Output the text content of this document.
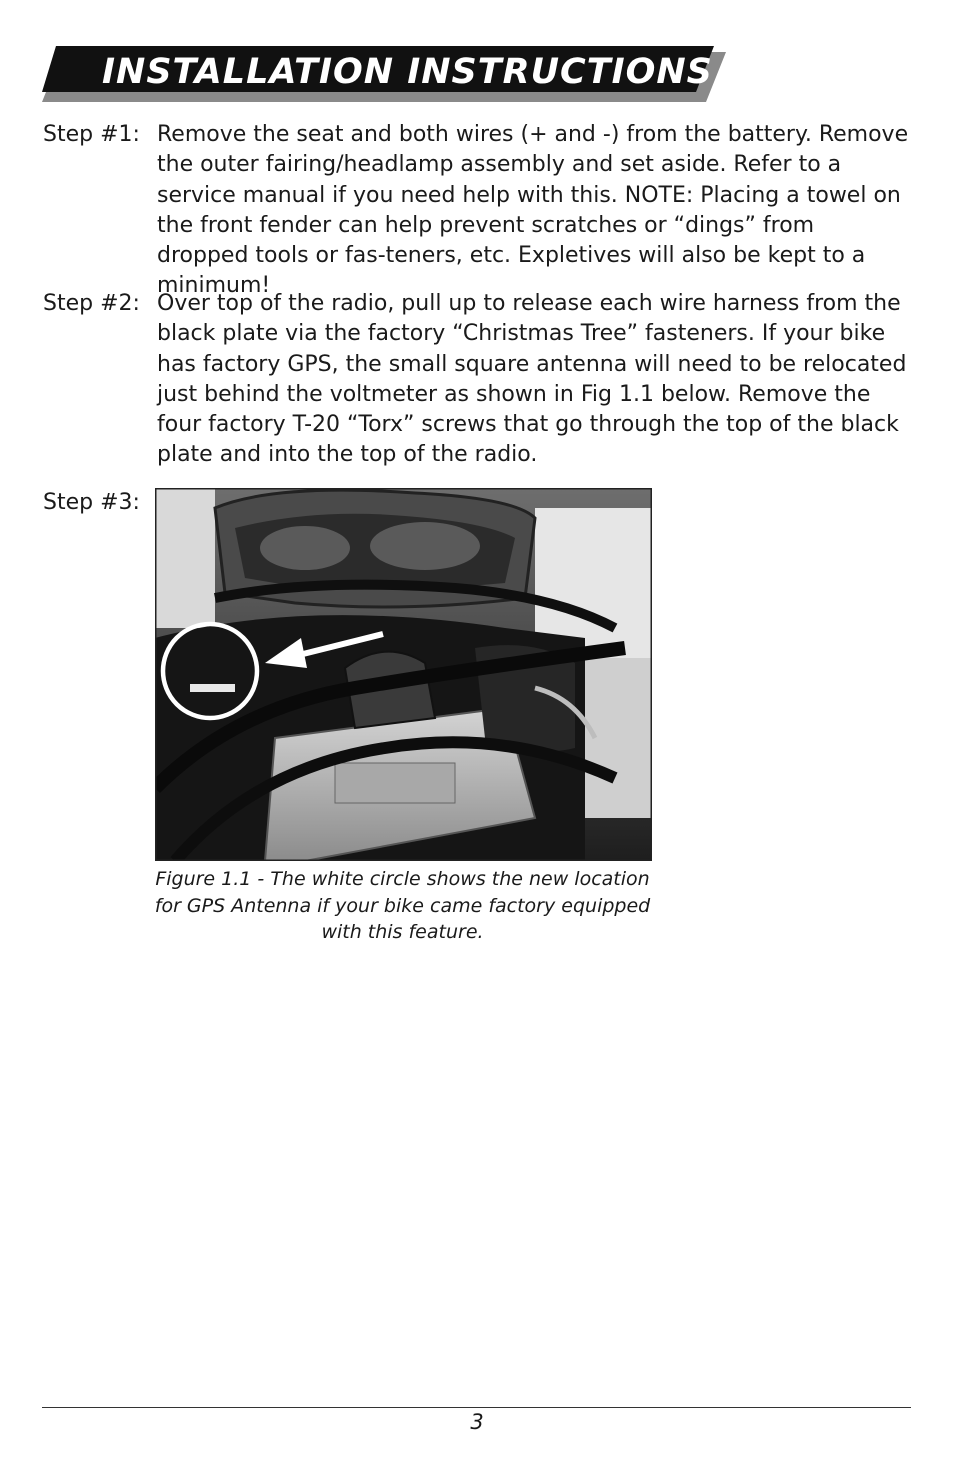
INSTALLATION INSTRUCTIONS
Step #1: Remove the seat and both wires (+ and -) from the battery. Remove the outer fairing/headlamp assembly and set aside. Refer to a service manual if you need help with this. NOTE: Placing a towel on the front fender can help prevent scratches or “dings” from dropped tools or fas-teners, etc. Expletives will also be kept to a minimum!
Step #2: Over top of the radio, pull up to release each wire harness from the black plate via the factory “Christmas Tree” fasteners. If your bike has factory GPS, the small square antenna will need to be relocated just behind the voltmeter as shown in Fig 1.1 below. Remove the four factory T-20 “Torx” screws that go through the top of the black plate and into the top of the radio.
Step #3:
Figure 1.1 - The white circle shows the new location
for GPS Antenna if your bike came factory equipped
with this feature.
3
